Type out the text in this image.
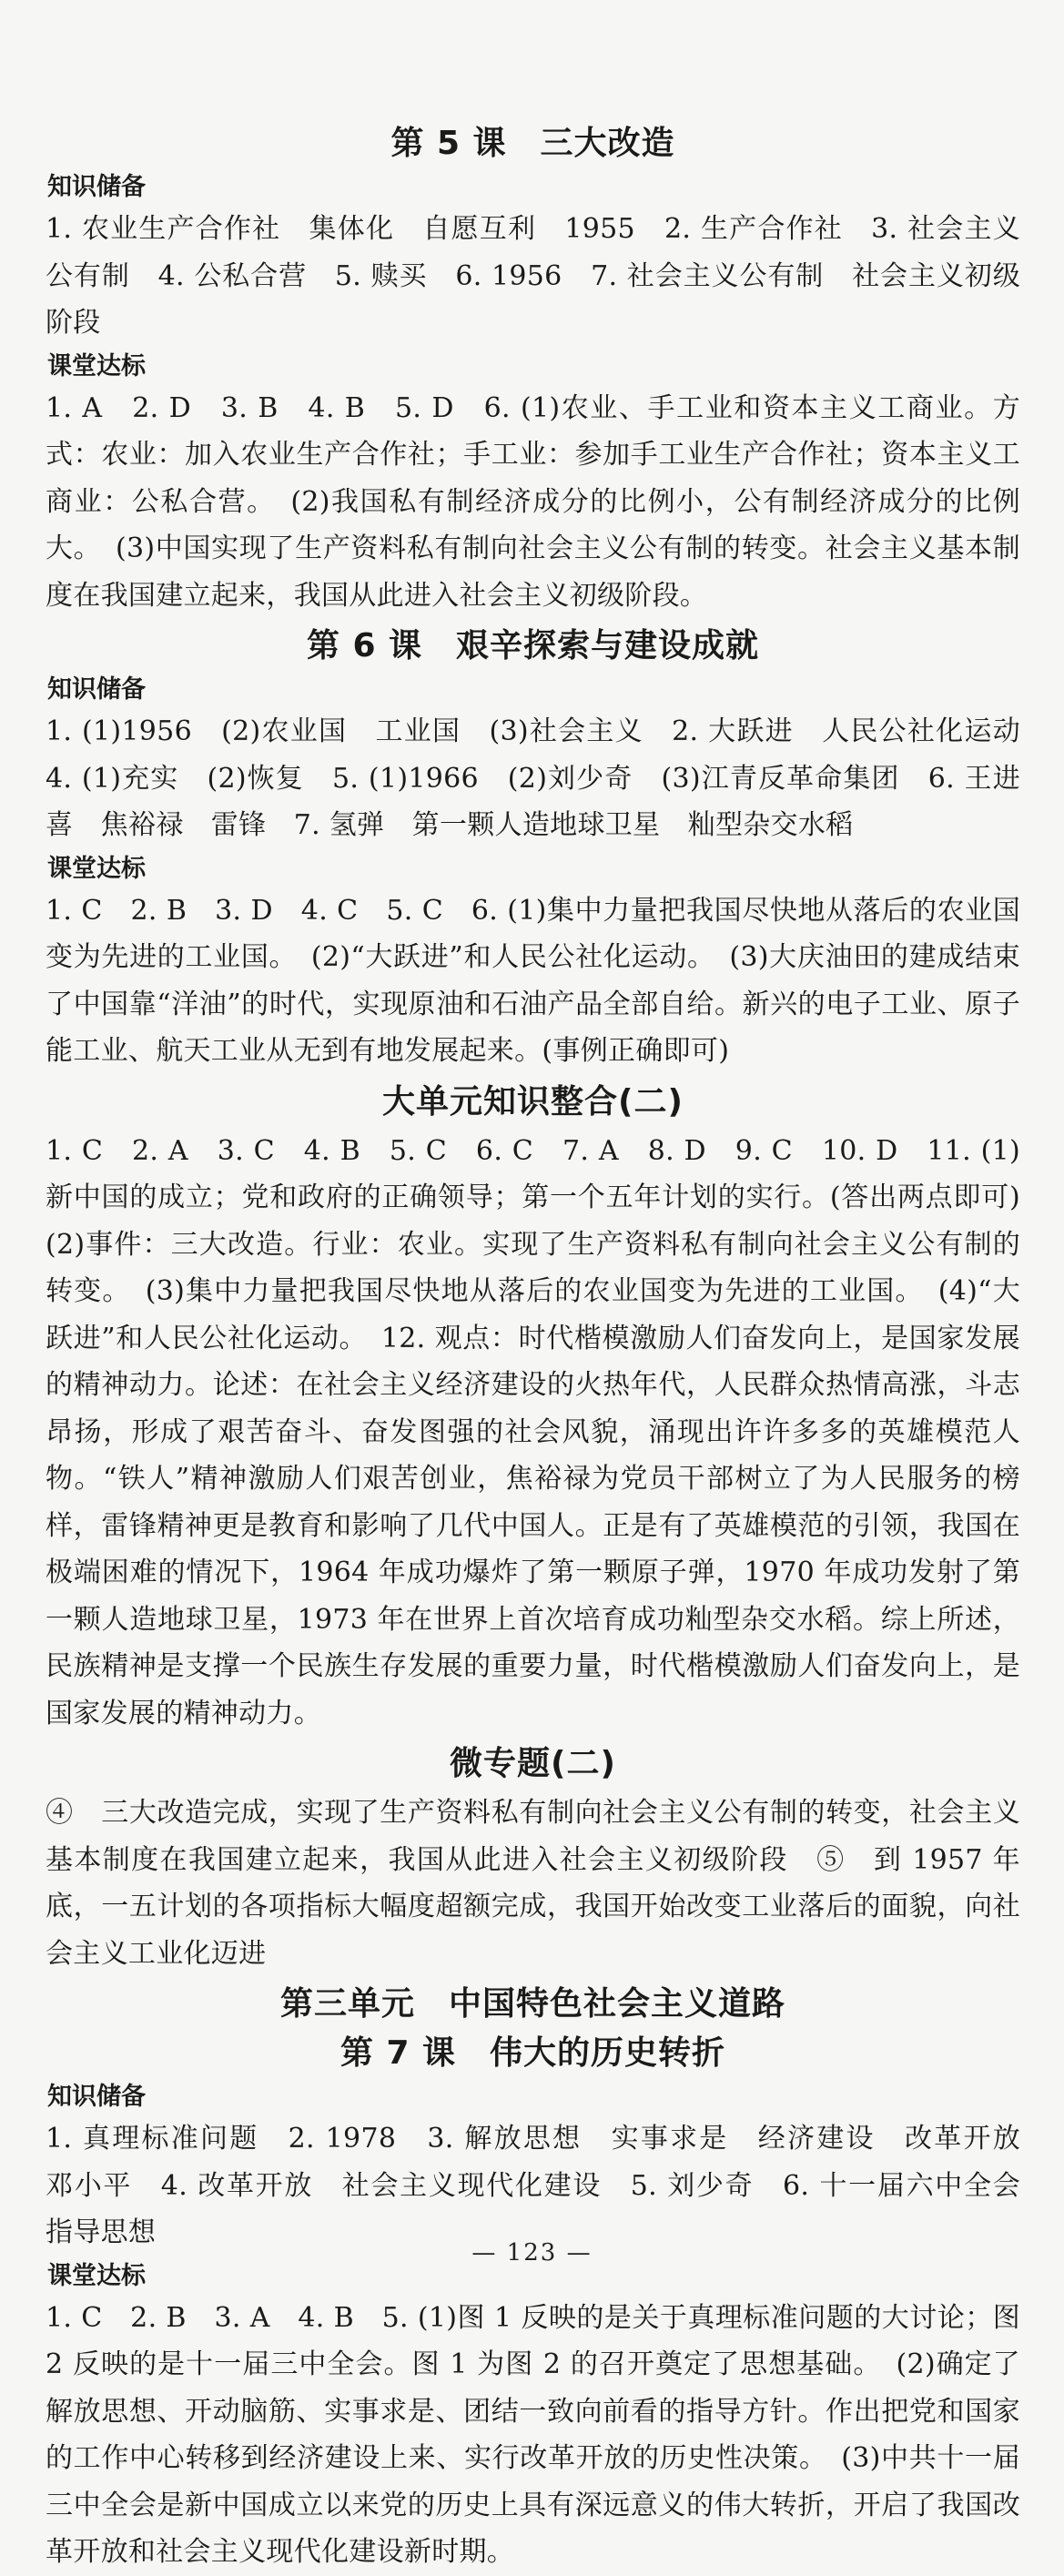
第 5 课　三大改造
知识储备

1. 农业生产合作社　集体化　自愿互利　1955　2. 生产合作社　3. 社会主义公有制　4. 公私合营　5. 赎买　6. 1956　7. 社会主义公有制　社会主义初级阶段

课堂达标

1. A　2. D　3. B　4. B　5. D　6. (1)农业、手工业和资本主义工商业。方式：农业：加入农业生产合作社；手工业：参加手工业生产合作社；资本主义工商业：公私合营。　(2)我国私有制经济成分的比例小，公有制经济成分的比例大。　(3)中国实现了生产资料私有制向社会主义公有制的转变。社会主义基本制度在我国建立起来，我国从此进入社会主义初级阶段。

第 6 课　艰辛探索与建设成就
知识储备

1. (1)1956　(2)农业国　工业国　(3)社会主义　2. 大跃进　人民公社化运动　4. (1)充实　(2)恢复　5. (1)1966　(2)刘少奇　(3)江青反革命集团　6. 王进喜　焦裕禄　雷锋　7. 氢弹　第一颗人造地球卫星　籼型杂交水稻

课堂达标

1. C　2. B　3. D　4. C　5. C　6. (1)集中力量把我国尽快地从落后的农业国变为先进的工业国。　(2)“大跃进”和人民公社化运动。　(3)大庆油田的建成结束了中国靠“洋油”的时代，实现原油和石油产品全部自给。新兴的电子工业、原子能工业、航天工业从无到有地发展起来。(事例正确即可)

大单元知识整合(二)

1. C　2. A　3. C　4. B　5. C　6. C　7. A　8. D　9. C　10. D　11. (1)新中国的成立；党和政府的正确领导；第一个五年计划的实行。(答出两点即可)　(2)事件：三大改造。行业：农业。实现了生产资料私有制向社会主义公有制的转变。　(3)集中力量把我国尽快地从落后的农业国变为先进的工业国。　(4)“大跃进”和人民公社化运动。　12. 观点：时代楷模激励人们奋发向上，是国家发展的精神动力。论述：在社会主义经济建设的火热年代，人民群众热情高涨，斗志昂扬，形成了艰苦奋斗、奋发图强的社会风貌，涌现出许许多多的英雄模范人物。“铁人”精神激励人们艰苦创业，焦裕禄为党员干部树立了为人民服务的榜样，雷锋精神更是教育和影响了几代中国人。正是有了英雄模范的引领，我国在极端困难的情况下，1964 年成功爆炸了第一颗原子弹，1970 年成功发射了第一颗人造地球卫星，1973 年在世界上首次培育成功籼型杂交水稻。综上所述，民族精神是支撑一个民族生存发展的重要力量，时代楷模激励人们奋发向上，是国家发展的精神动力。

微专题(二)

④　三大改造完成，实现了生产资料私有制向社会主义公有制的转变，社会主义基本制度在我国建立起来，我国从此进入社会主义初级阶段　⑤　到 1957 年底，一五计划的各项指标大幅度超额完成，我国开始改变工业落后的面貌，向社会主义工业化迈进

第三单元　中国特色社会主义道路
第 7 课　伟大的历史转折
知识储备

1. 真理标准问题　2. 1978　3. 解放思想　实事求是　经济建设　改革开放　邓小平　4. 改革开放　社会主义现代化建设　5. 刘少奇　6. 十一届六中全会　指导思想

课堂达标

1. C　2. B　3. A　4. B　5. (1)图 1 反映的是关于真理标准问题的大讨论；图 2 反映的是十一届三中全会。图 1 为图 2 的召开奠定了思想基础。　(2)确定了解放思想、开动脑筋、实事求是、团结一致向前看的指导方针。作出把党和国家的工作中心转移到经济建设上来、实行改革开放的历史性决策。　(3)中共十一届三中全会是新中国成立以来党的历史上具有深远意义的伟大转折，开启了我国改革开放和社会主义现代化建设新时期。

— 123 —
